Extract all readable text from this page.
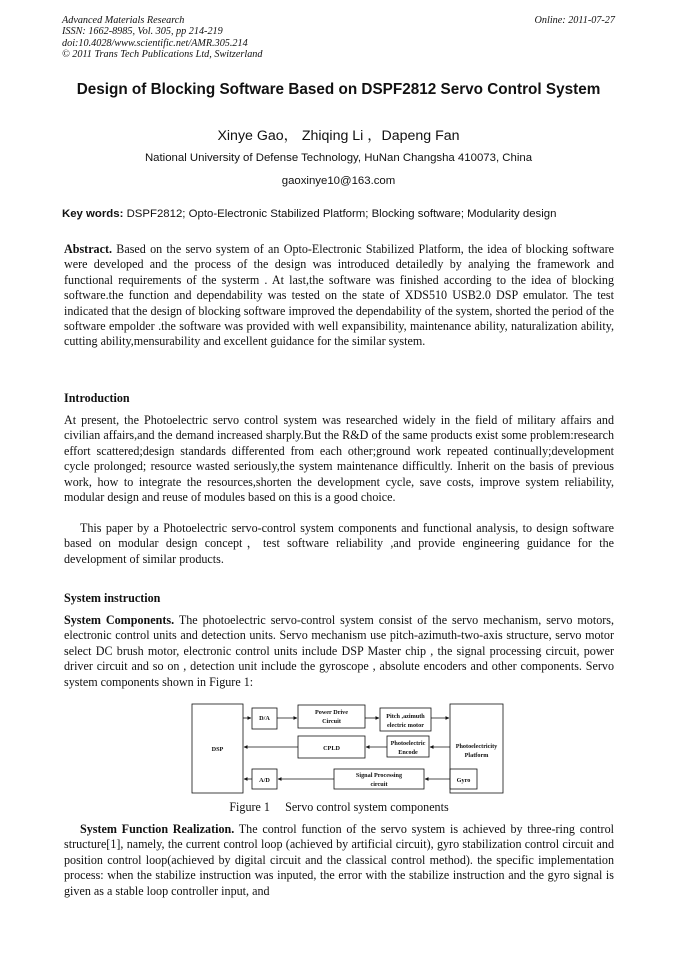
Advanced Materials Research
ISSN: 1662-8985, Vol. 305, pp 214-219
doi:10.4028/www.scientific.net/AMR.305.214
© 2011 Trans Tech Publications Ltd, Switzerland
Online: 2011-07-27
Design of Blocking Software Based on DSPF2812 Servo Control System
Xinye Gao， Zhiqing Li ，Dapeng Fan
National University of Defense Technology, HuNan Changsha 410073, China
gaoxinye10@163.com
Key words: DSPF2812; Opto-Electronic Stabilized Platform; Blocking software; Modularity design
Abstract. Based on the servo system of an Opto-Electronic Stabilized Platform, the idea of blocking software were developed and the process of the design was introduced detailedly by analying the framework and functional requirements of the systerm . At last,the software was finished according to the idea of blocking software.the function and dependability was tested on the state of XDS510 USB2.0 DSP emulator. The test indicated that the design of blocking software improved the dependability of the system, shorted the period of the software empolder .the software was provided with well expansibility, maintenance ability, naturalization ability, cutting ability,mensurability and excellent guidance for the similar system.
Introduction
At present, the Photoelectric servo control system was researched widely in the field of military affairs and civilian affairs,and the demand increased sharply.But the R&D of the same products exist some problem:research effort scattered;design standards differented from each other;ground work repeated continually;development cycle prolonged; resource wasted seriously,the system maintenance difficultly. Inherit on the basis of previous work, how to integrate the resources,shorten the development cycle, save costs, improve system reliability, modular design and reuse of modules based on this is a good choice.
This paper by a Photoelectric servo-control system components and functional analysis, to design software based on modular design concept，test software reliability ,and provide engineering guidance for the development of similar products.
System instruction
System Components. The photoelectric servo-control system consist of the servo mechanism, servo motors, electronic control units and detection units. Servo mechanism use pitch-azimuth-two-axis structure, servo motor select DC brush motor, electronic control units include DSP Master chip , the signal processing circuit, power driver circuit and so on , detection unit include the gyroscope , absolute encoders and other components. Servo system components shown in Figure 1:
DSP
D/A
Power Drive
Circuit
Pitch ,azimuth
electric motor
CPLD
Photoelectric
Encode
Photoelectricity
Platform
A/D
Signal Processing
circuit
Gyro
Figure 1     Servo control system components
System Function Realization. The control function of the servo system is achieved by three-ring control structure[1], namely, the current control loop (achieved by artificial circuit), gyro stabilization control circuit and position control loop(achieved by digital circuit and the classical control method). the specific implementation process: when the stabilize instruction was inputed, the error with the stabilize instruction and the gyro signal is given as a stable loop controller input, and
